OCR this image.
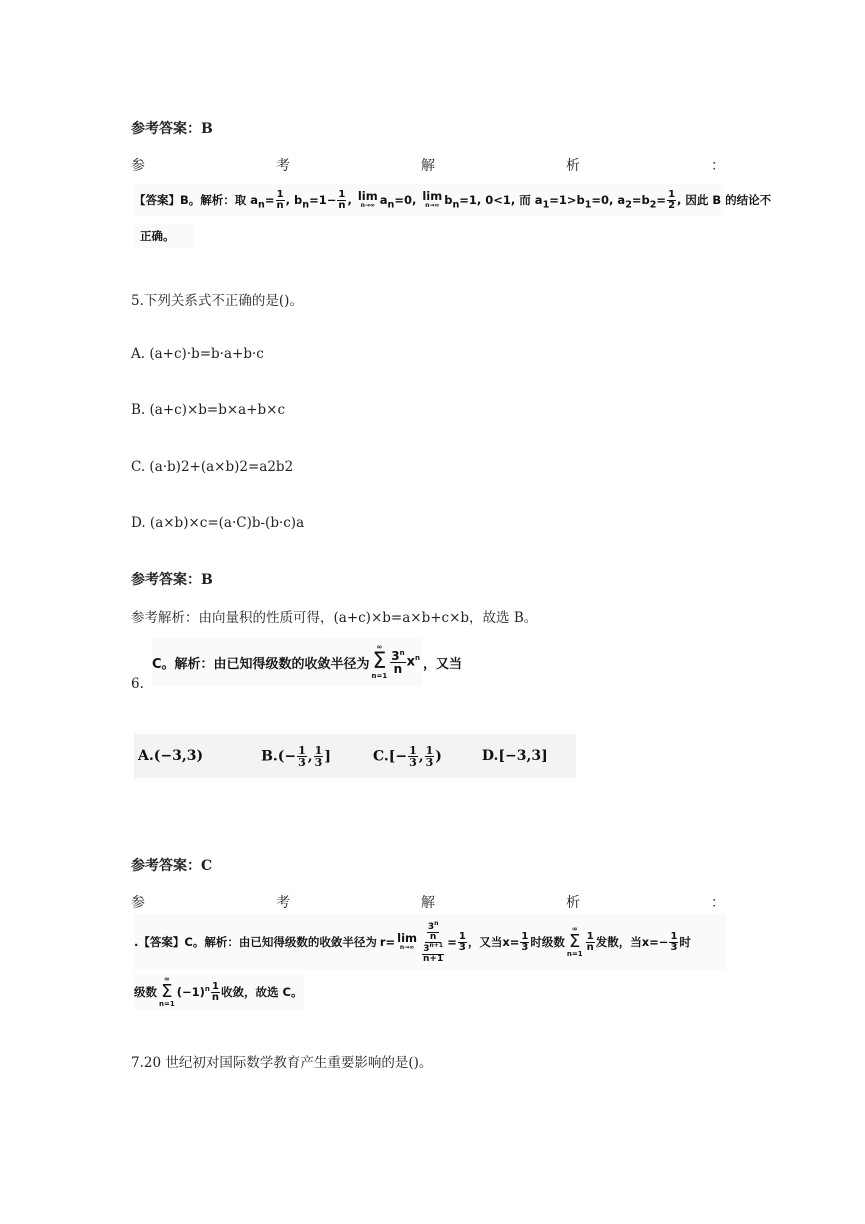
参考答案：B
参	考	解	析	：
【答案】 B。解析：取 $a_n= \frac{1}{n}$ , $b_n=1- \frac{1}{n}$ , lim
n→∞ $a_n=0$, lim
n→∞ $b_n=1$, 0<1, 而 $a_1=1>b_1=0$, $a_2=b_2= \frac{1}{2}$ , 因此 B 的结论不
正确。
5.下列关系式不正确的是()。
A. (a+c)·b=b·a+b·c
B. (a+c)×b=b×a+b×c
C. (a·b)2+(a×b)2=a2b2
D. (a×b)×c=(a·C)b-(b·c)a
参考答案：B
参考解析：由向量积的性质可得，(a+c)×b=a×b+c×b，故选 B。
C。解析：由已知得级数的收敛半径为
∞
Σ
n=1
$\frac{3^n}{n} x^n$ ，又当
6.
A.(−3,3)	$B.(- \frac{1}{3}$ , $\frac{1}{3}$ ]	$C.[- \frac{1}{3}$ , $\frac{1}{3}$ )	D.[−3,3]
参考答案：C
参	考	解	析	：
.【答案】 C。解析：由已知得级数的收敛半径为 r= lim
$n\to\infty \frac{\frac{3^n}{n}}{\frac{3^{n+1}}{n+1}} = \frac{1}{3}$ ，又当 $x= \frac{1}{3}$ 时级数
∞
Σ
n=1
$\frac{1}{n}$ 发散，当 $x=- \frac{1}{3}$ 时
级数
∞
Σ
n=1
$(-1)^n \frac{1}{n}$ 收敛，故选 C。
7.20 世纪初对国际数学教育产生重要影响的是()。
